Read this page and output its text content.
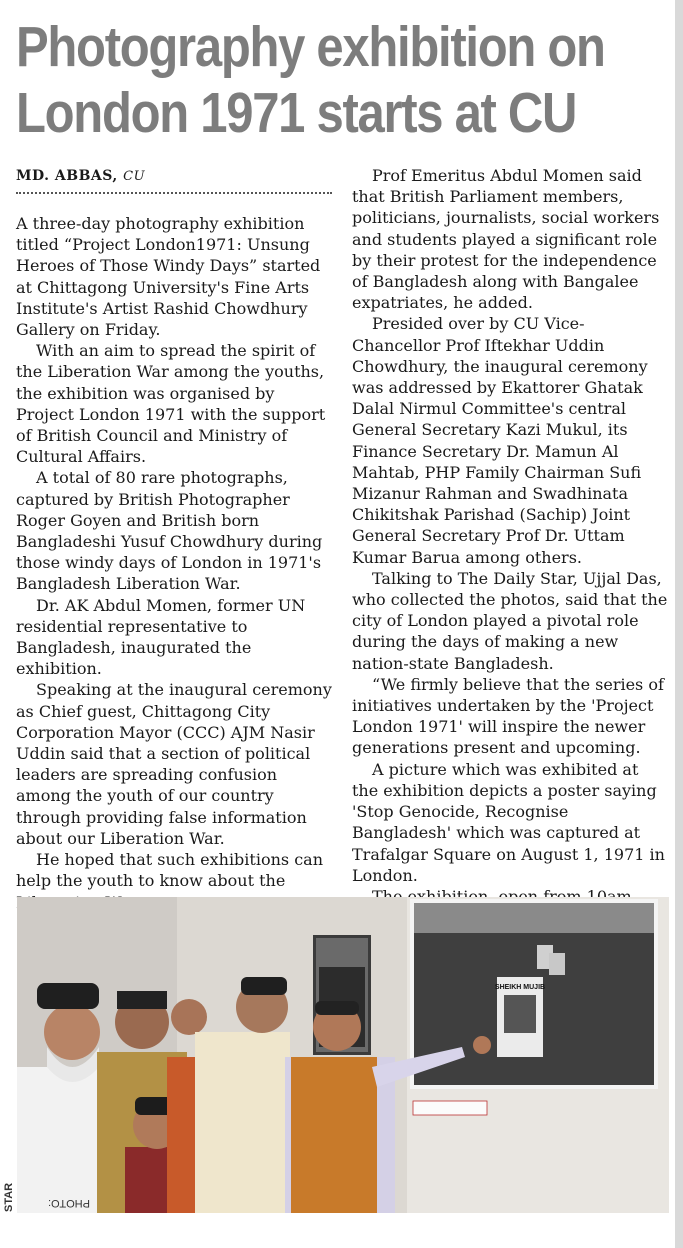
Photography exhibition on
London 1971 starts at CU
MD. ABBAS, CU

A three-day photography exhibition titled “Project London1971: Unsung Heroes of Those Windy Days” started at Chittagong University's Fine Arts Institute's Artist Rashid Chowdhury Gallery on Friday.

With an aim to spread the spirit of the Liberation War among the youths, the exhibition was organised by Project London 1971 with the support of British Council and Ministry of Cultural Affairs.

A total of 80 rare photographs, captured by British Photographer Roger Goyen and British born Bangladeshi Yusuf Chowdhury during those windy days of London in 1971's Bangladesh Liberation War.

Dr. AK Abdul Momen, former UN residential representative to Bangladesh, inaugurated the exhibition.

Speaking at the inaugural ceremony as Chief guest, Chittagong City Corporation Mayor (CCC) AJM Nasir Uddin said that a section of political leaders are spreading confusion among the youth of our country through providing false information about our Liberation War.

He hoped that such exhibitions can help the youth to know about the

Prof Emeritus Abdul Momen said that British Parliament members, politicians, journalists, social workers and students played a significant role by their protest for the independence of Bangladesh along with Bangalee expatriates, he added.

Presided over by CU Vice-Chancellor Prof Iftekhar Uddin Chowdhury, the inaugural ceremony was addressed by Ekattorer Ghatak Dalal Nirmul Committee's central General Secretary Kazi Mukul, its Finance Secretary Dr. Mamun Al Mahtab, PHP Family Chairman Sufi Mizanur Rahman and Swadhinata Chikitshak Parishad (Sachip) Joint General Secretary Prof Dr. Uttam Kumar Barua among others.

Talking to The Daily Star, Ujjal Das, who collected the photos, said that the city of London played a pivotal role during the days of making a new nation-state Bangladesh.

“We firmly believe that the series of initiatives undertaken by the 'Project London 1971' will inspire the newer generations present and upcoming.

A picture which was exhibited at the exhibition depicts a poster saying 'Stop Genocide, Recognise Bangladesh' which was captured at Trafalgar Square on August 1, 1971 in London.

SHEIKH MUJIB
PHOTO:
STAR
